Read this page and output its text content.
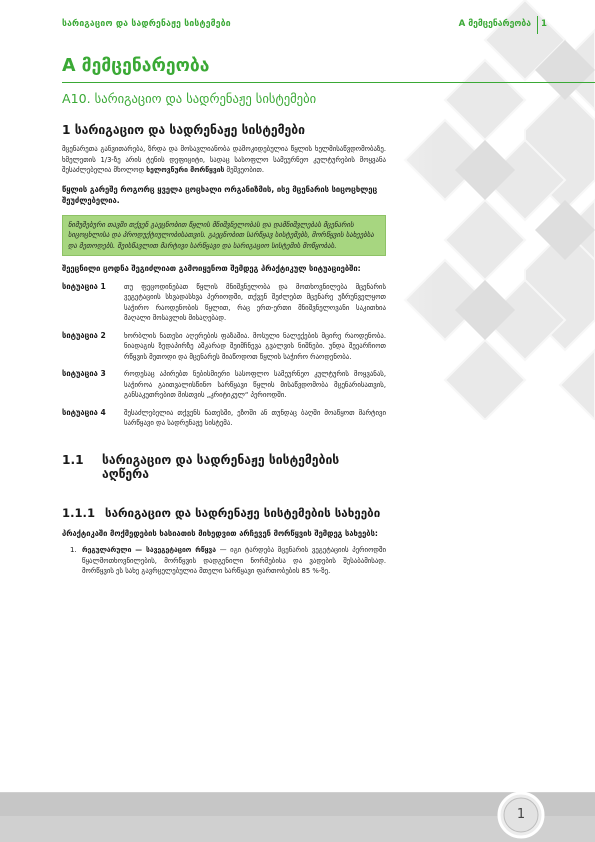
სარიგაციო და სადრენაჟე სისტემები	A მემცენარეობა 1
A მემცენარეობა
A10. სარიგაციო და სადრენაჟე სისტემები
1 სარიგაციო და სადრენაჟე სისტემები

მცენარეთა განვითარება, ზრდა და მოსავლიანობა დამოკიდებულია წყლის ხელმისაწვდომობაზე. ხმელეთის 1/3-ზე არის ტენის დეფიციტი, სადაც სასოფლო სამეურნეო კულტურების მოყვანა შესაძლებელია მხოლოდ ხელოვნური მორწყვის მეშვეობით.

წყლის გარეშე როგორც ყველა ცოცხალი ორგანიზმის, ისე მცენარის სიცოცხლეც შეუძლებელია.

ნიმუშებური თავში თქვენ გაეცნობით წყლის მნიშვნელობას და დამნიშვლებას მცენარის სიცოცხლისა და პროდუქტიულობისათვის. გაეცნობით სარწყავ სისტემებს, მორწყვის სახეებსა და მეთოდებს. შეისწავლით მარტივი სარწყავი და სარიგაციო სისტემის მოწყობას.

შეეცნილი ცოდნა შეგიძლიათ გამოიყენოთ შემდეგ პრაქტიკულ სიტუაციებში:

სიტუაცია 1	თუ ფეცოდინებათ წყლის მნიშვნელობა და მოთხოვნილება მცენარის ვეგეტაციის სხვადასხვა პერიოდში, თქვენ შეძლებთ მცენარე უზრუნველყოთ საჭირო რაოდენობის წყლით, რაც ერთ-ერთი მნიშვნელოვანი საკითხია მაღალი მოსავლის მისაღებად.
სიტუაცია 2	ხორბლის ნათესი აღერების ფაზაშია. მოსული ნალექების მცირე რაოდენობა. ნიადაგის ზედაპირზე აშკარად შეიმჩნევა გვალვის ნიშნები. უნდა შეეარჩიოთ რწყვის მეთოდი და მცენარეს მიაწოდოთ წყლის საჭირო რაოდენობა.
სიტუაცია 3	როდესაც აპირებთ ნებისმიერი სასოფლო სამეურნეო კულტურის მოყვანას, საჭიროა გაითვალისწინო სარწყავი წყლის მისაწვდომობა მცენარისათვის, განსაკუთრებით მისთვის „კრიტიკულ“ პერიოდში.
სიტუაცია 4	შესაძლებელია თქვენს ნათესში, ეზოში ან თუნდაც ბაღში მოაწყოთ მარტივი სარწყავი და სადრენაჟე სისტემა.
1.1	სარიგაციო და სადრენაჟე სისტემების აღწერა
1.1.1 სარიგაციო და სადრენაჟე სისტემების სახეები

პრაქტიკაში მოქმედების ხასიათის მიხედვით არჩევენ მორწყვის შემდეგ სახეებს:

1. რეგულარული — სავეგეტაციო რწყვა — იგი ტარდება მცენარის ვეგეტაციის პერიოდში წყალმოთხოვნილების, მორწყვის დადგენილი ნორმებისა და ვადების შესაბამისად. მორწყვის ეს სახე გავრცელებულია მთელი სარწყავი ფართობების 85 %-ზე.
1
